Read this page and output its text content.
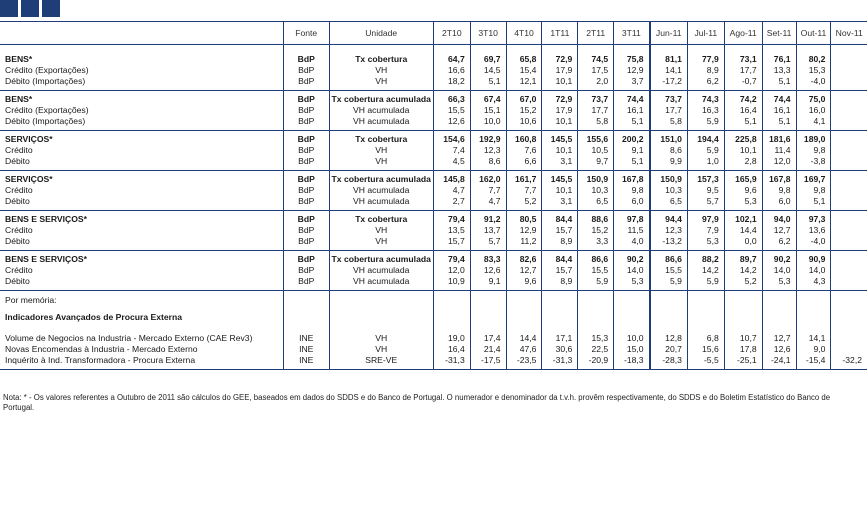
	Fonte	Unidade	2T10	3T10	4T10	1T11	2T11	3T11	Jun-11	Jul-11	Ago-11	Set-11	Out-11	Nov-11

BENS*	BdP	Tx cobertura	64,7	69,7	65,8	72,9	74,5	75,8	81,1	77,9	73,1	76,1	80,2	
Crédito (Exportações)	BdP	VH	16,6	14,5	15,4	17,9	17,5	12,9	14,1	8,9	17,7	13,3	15,3	
Débito (Importações)	BdP	VH	18,2	5,1	12,1	10,1	2,0	3,7	-17,2	6,2	-0,7	5,1	-4,0	
BENS*	BdP	Tx cobertura acumulada	66,3	67,4	67,0	72,9	73,7	74,4	73,7	74,3	74,2	74,4	75,0	
Crédito (Exportações)	BdP	VH acumulada	15,5	15,1	15,2	17,9	17,7	16,1	17,7	16,3	16,4	16,1	16,0	
Débito (Importações)	BdP	VH acumulada	12,6	10,0	10,6	10,1	5,8	5,1	5,8	5,9	5,1	5,1	4,1	
SERVIÇOS*	BdP	Tx cobertura	154,6	192,9	160,8	145,5	155,6	200,2	151,0	194,4	225,8	181,6	189,0	
Crédito	BdP	VH	7,4	12,3	7,6	10,1	10,5	9,1	8,6	5,9	10,1	11,4	9,8	
Débito	BdP	VH	4,5	8,6	6,6	3,1	9,7	5,1	9,9	1,0	2,8	12,0	-3,8	
SERVIÇOS*	BdP	Tx cobertura acumulada	145,8	162,0	161,7	145,5	150,9	167,8	150,9	157,3	165,9	167,8	169,7	
Crédito	BdP	VH acumulada	4,7	7,7	7,7	10,1	10,3	9,8	10,3	9,5	9,6	9,8	9,8	
Débito	BdP	VH acumulada	2,7	4,7	5,2	3,1	6,5	6,0	6,5	5,7	5,3	6,0	5,1	
BENS E SERVIÇOS*	BdP	Tx cobertura	79,4	91,2	80,5	84,4	88,6	97,8	94,4	97,9	102,1	94,0	97,3	
Crédito	BdP	VH	13,5	13,7	12,9	15,7	15,2	11,5	12,3	7,9	14,4	12,7	13,6	
Débito	BdP	VH	15,7	5,7	11,2	8,9	3,3	4,0	-13,2	5,3	0,0	6,2	-4,0	
BENS E SERVIÇOS*	BdP	Tx cobertura acumulada	79,4	83,3	82,6	84,4	86,6	90,2	86,6	88,2	89,7	90,2	90,9	
Crédito	BdP	VH acumulada	12,0	12,6	12,7	15,7	15,5	14,0	15,5	14,2	14,2	14,0	14,0	
Débito	BdP	VH acumulada	10,9	9,1	9,6	8,9	5,9	5,3	5,9	5,9	5,2	5,3	4,3	
Por memória:														
Indicadores Avançados de Procura Externa														

Volume de Negocios na Industria - Mercado Externo (CAE Rev3)	INE	VH	19,0	17,4	14,4	17,1	15,3	10,0	12,8	6,8	10,7	12,7	14,1	
Novas Encomendas à Industria - Mercado Externo	INE	VH	16,4	21,4	47,6	30,6	22,5	15,0	20,7	15,6	17,8	12,6	9,0	
Inquérito à Ind. Transformadora - Procura Externa	INE	SRE-VE	-31,3	-17,5	-23,5	-31,3	-20,9	-18,3	-28,3	-5,5	-25,1	-24,1	-15,4	-32,2
Nota: * - Os valores referentes a Outubro de 2011 são cálculos do GEE, baseados em dados do SDDS e do Banco de Portugal. O numerador e denominador da t.v.h. provêm respectivamente, do SDDS e do Boletim Estatístico do Banco de Portugal.
